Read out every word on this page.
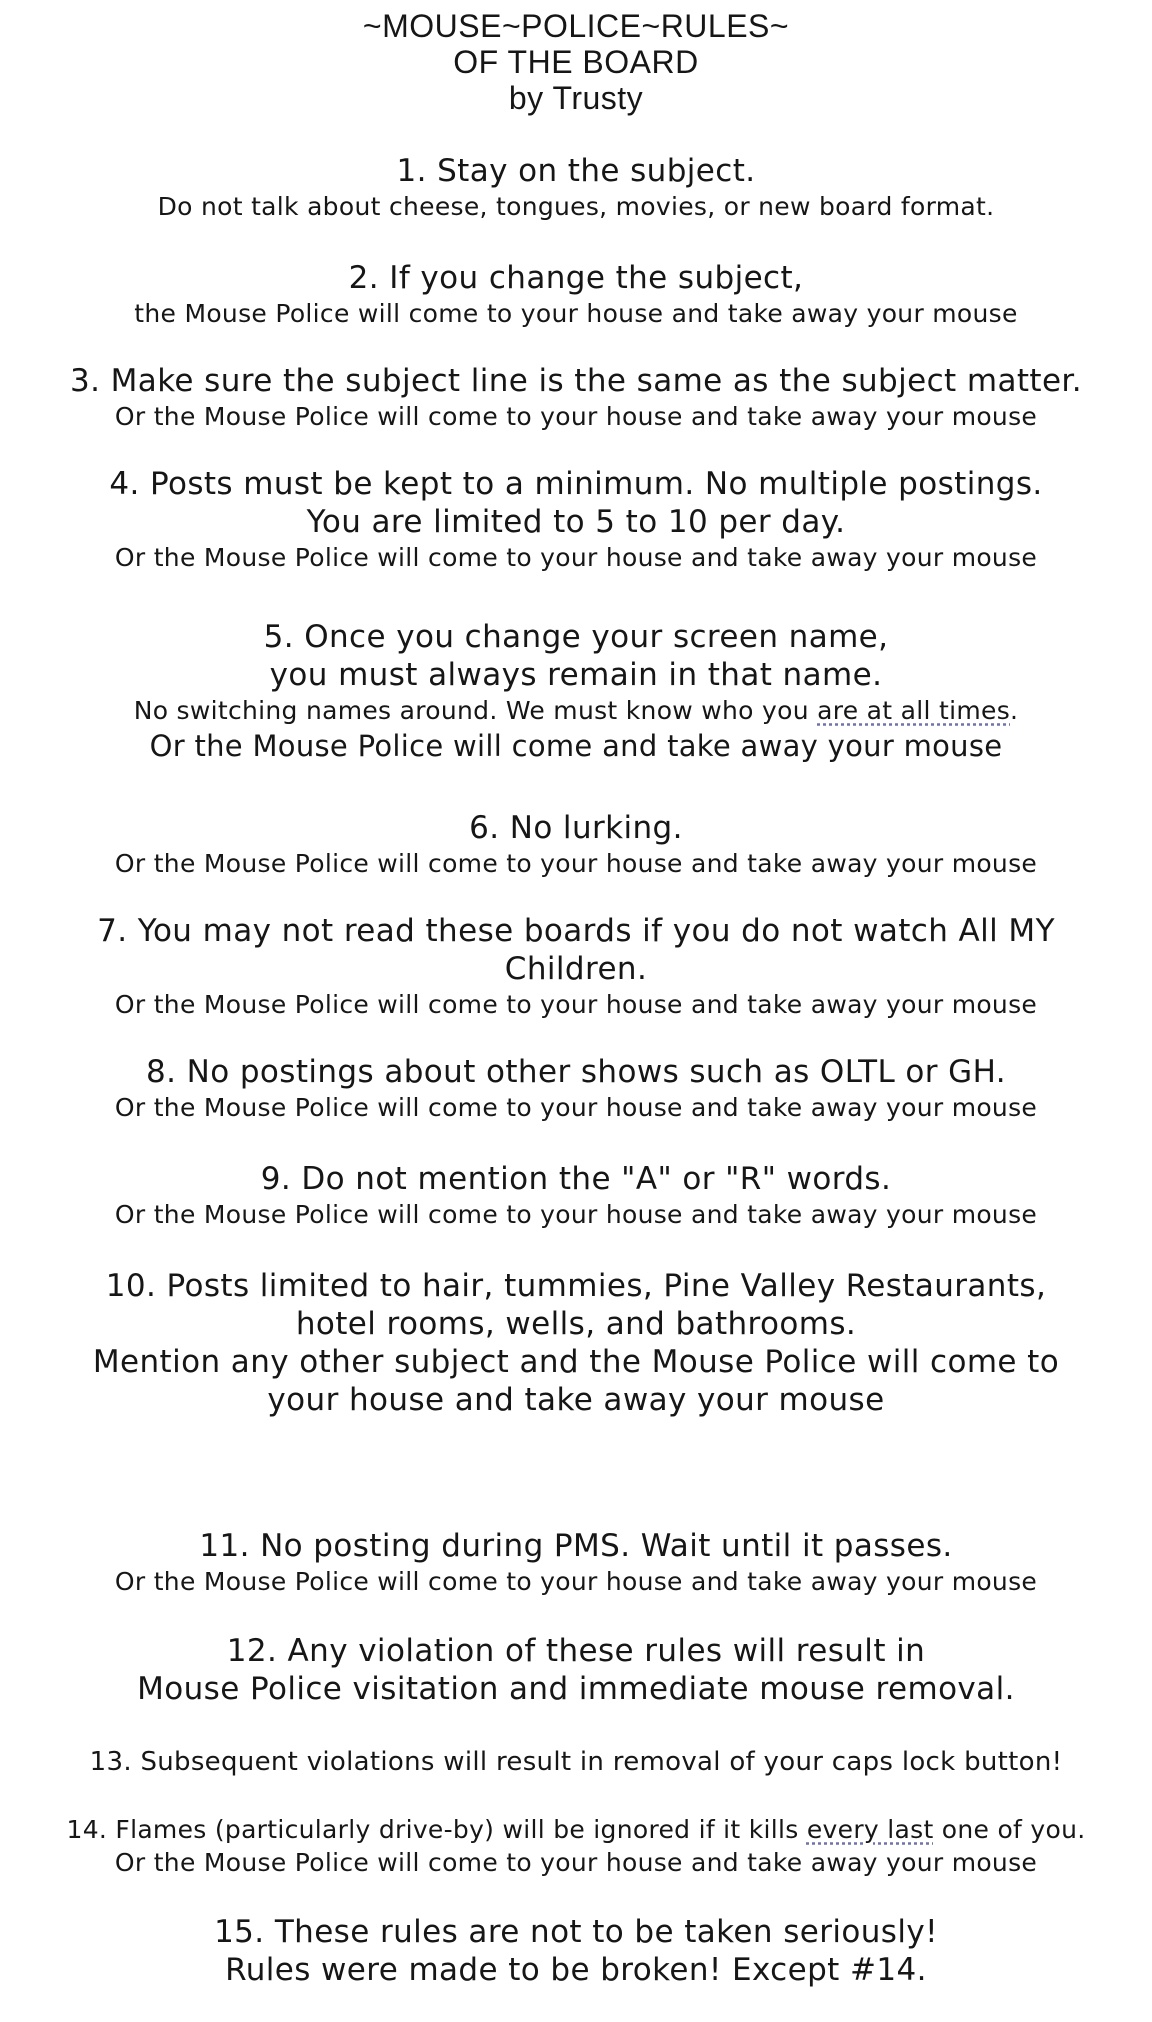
~MOUSE~POLICE~RULES~
OF THE BOARD
by Trusty
1. Stay on the subject.
Do not talk about cheese, tongues, movies, or new board format.
2. If you change the subject,
the Mouse Police will come to your house and take away your mouse
3. Make sure the subject line is the same as the subject matter.
Or the Mouse Police will come to your house and take away your mouse
4. Posts must be kept to a minimum. No multiple postings.
You are limited to 5 to 10 per day.
Or the Mouse Police will come to your house and take away your mouse
5. Once you change your screen name,
you must always remain in that name.
No switching names around. We must know who you are at all times.
Or the Mouse Police will come and take away your mouse
6. No lurking.
Or the Mouse Police will come to your house and take away your mouse
7. You may not read these boards if you do not watch All MY Children.
Or the Mouse Police will come to your house and take away your mouse
8. No postings about other shows such as OLTL or GH.
Or the Mouse Police will come to your house and take away your mouse
9. Do not mention the "A" or "R" words.
Or the Mouse Police will come to your house and take away your mouse
10. Posts limited to hair, tummies, Pine Valley Restaurants,
hotel rooms, wells, and bathrooms.
Mention any other subject and the Mouse Police will come to
your house and take away your mouse
11. No posting during PMS. Wait until it passes.
Or the Mouse Police will come to your house and take away your mouse
12. Any violation of these rules will result in
Mouse Police visitation and immediate mouse removal.
13. Subsequent violations will result in removal of your caps lock button!
14. Flames (particularly drive-by) will be ignored if it kills every last one of you.
Or the Mouse Police will come to your house and take away your mouse
15. These rules are not to be taken seriously!
Rules were made to be broken! Except #14.
